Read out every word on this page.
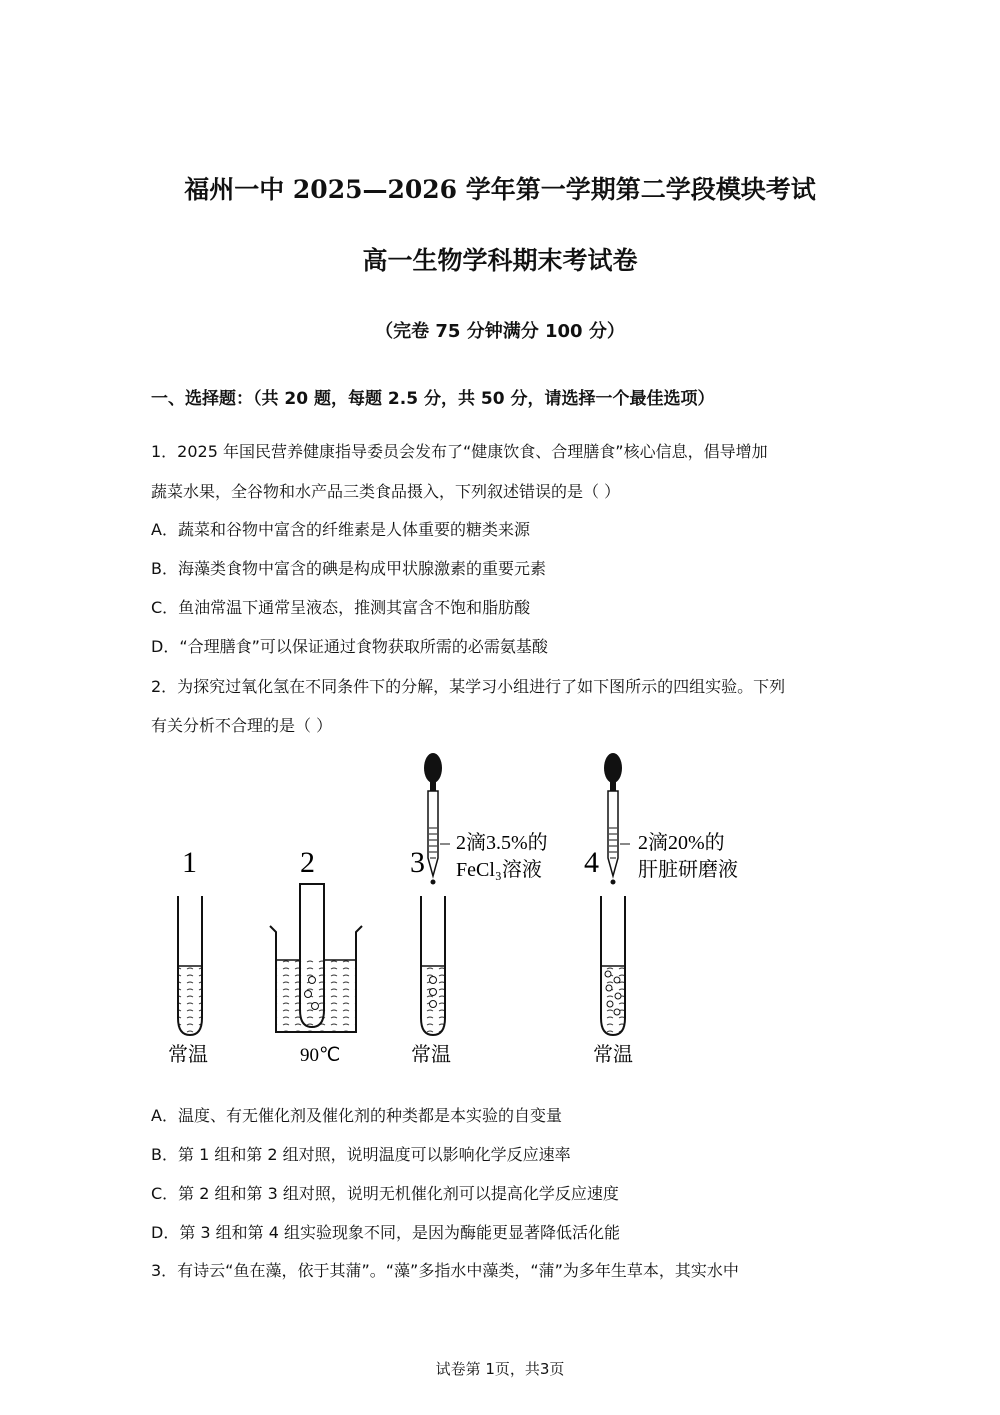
福州一中 2025—2026 学年第一学期第二学段模块考试
高一生物学科期末考试卷
（完卷 75 分钟满分 100 分）
一、选择题：（共 20 题，每题 2.5 分，共 50 分，请选择一个最佳选项）
1．2025 年国民营养健康指导委员会发布了“健康饮食、合理膳食”核心信息，倡导增加
蔬菜水果，全谷物和水产品三类食品摄入，下列叙述错误的是（ ）
A．蔬菜和谷物中富含的纤维素是人体重要的糖类来源
B．海藻类食物中富含的碘是构成甲状腺激素的重要元素
C．鱼油常温下通常呈液态，推测其富含不饱和脂肪酸
D．“合理膳食”可以保证通过食物获取所需的必需氨基酸
2．为探究过氧化氢在不同条件下的分解，某学习小组进行了如下图所示的四组实验。下列
有关分析不合理的是（ ）
1
常温
2
90℃
3
2滴3.5%的
FeCl₃溶液
常温
4
2滴20%的
肝脏研磨液
常温
A．温度、有无催化剂及催化剂的种类都是本实验的自变量
B．第 1 组和第 2 组对照，说明温度可以影响化学反应速率
C．第 2 组和第 3 组对照，说明无机催化剂可以提高化学反应速度
D．第 3 组和第 4 组实验现象不同，是因为酶能更显著降低活化能
3．有诗云“鱼在藻，依于其蒲”。“藻”多指水中藻类，“蒲”为多年生草本，其实水中
试卷第 1页，共3页
